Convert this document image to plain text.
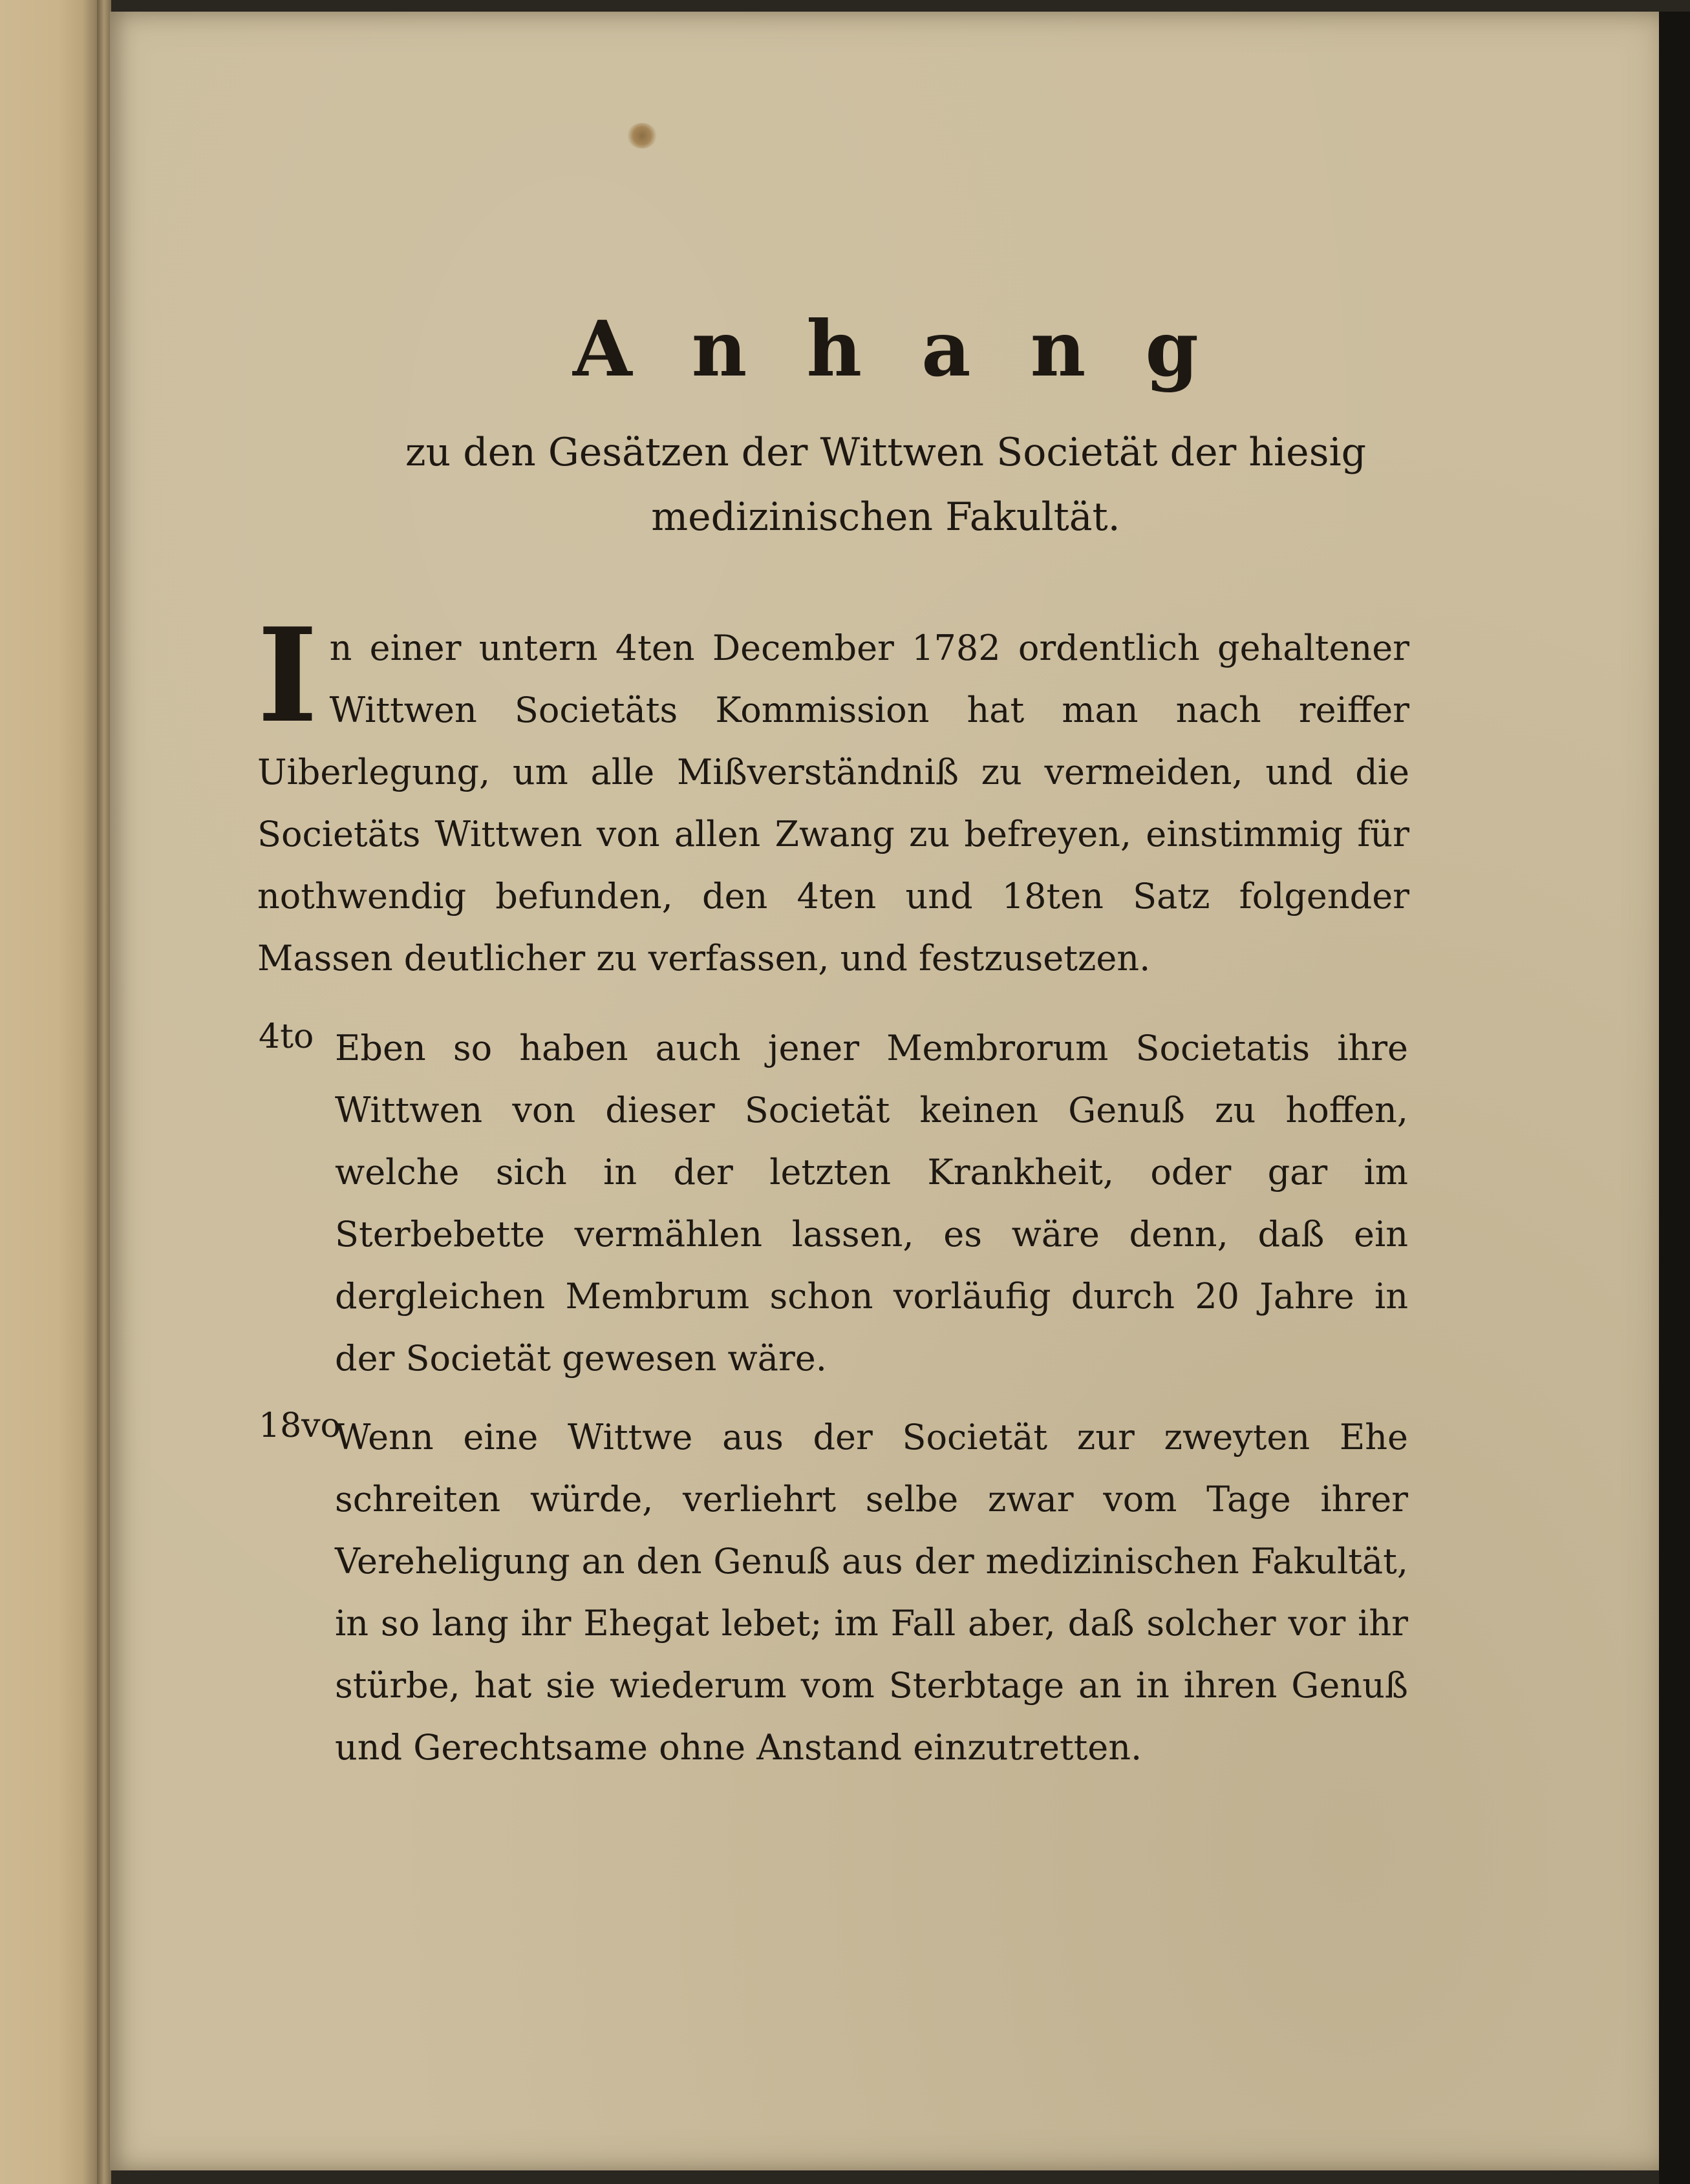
Anhang
zu den Gesätzen der Wittwen Societät der hiesig
medizinischen Fakultät.
In einer untern 4ten December 1782 ordentlich gehaltener Wittwen Societäts Kommission hat man nach reiffer Uiberlegung, um alle Mißverständniß zu vermeiden, und die Societäts Wittwen von allen Zwang zu befreyen, einstimmig für nothwendig befunden, den 4ten und 18ten Satz folgender Massen deutlicher zu verfassen, und festzusetzen.
4to Eben so haben auch jener Membrorum Societatis ihre Wittwen von dieser Societät keinen Genuß zu hoffen, welche sich in der letzten Krankheit, oder gar im Sterbebette vermählen lassen, es wäre denn, daß ein dergleichen Membrum schon vorläufig durch 20 Jahre in der Societät gewesen wäre.
18vo
Wenn eine Wittwe aus der Societät zur zweyten Ehe schreiten würde, verliehrt selbe zwar vom Tage ihrer Vereheligung an den Genuß aus der medizinischen Fakultät, in so lang ihr Ehegat lebet; im Fall aber, daß solcher vor ihr stürbe, hat sie wiederum vom Sterbtage an in ihren Genuß und Gerechtsame ohne Anstand einzutretten.
